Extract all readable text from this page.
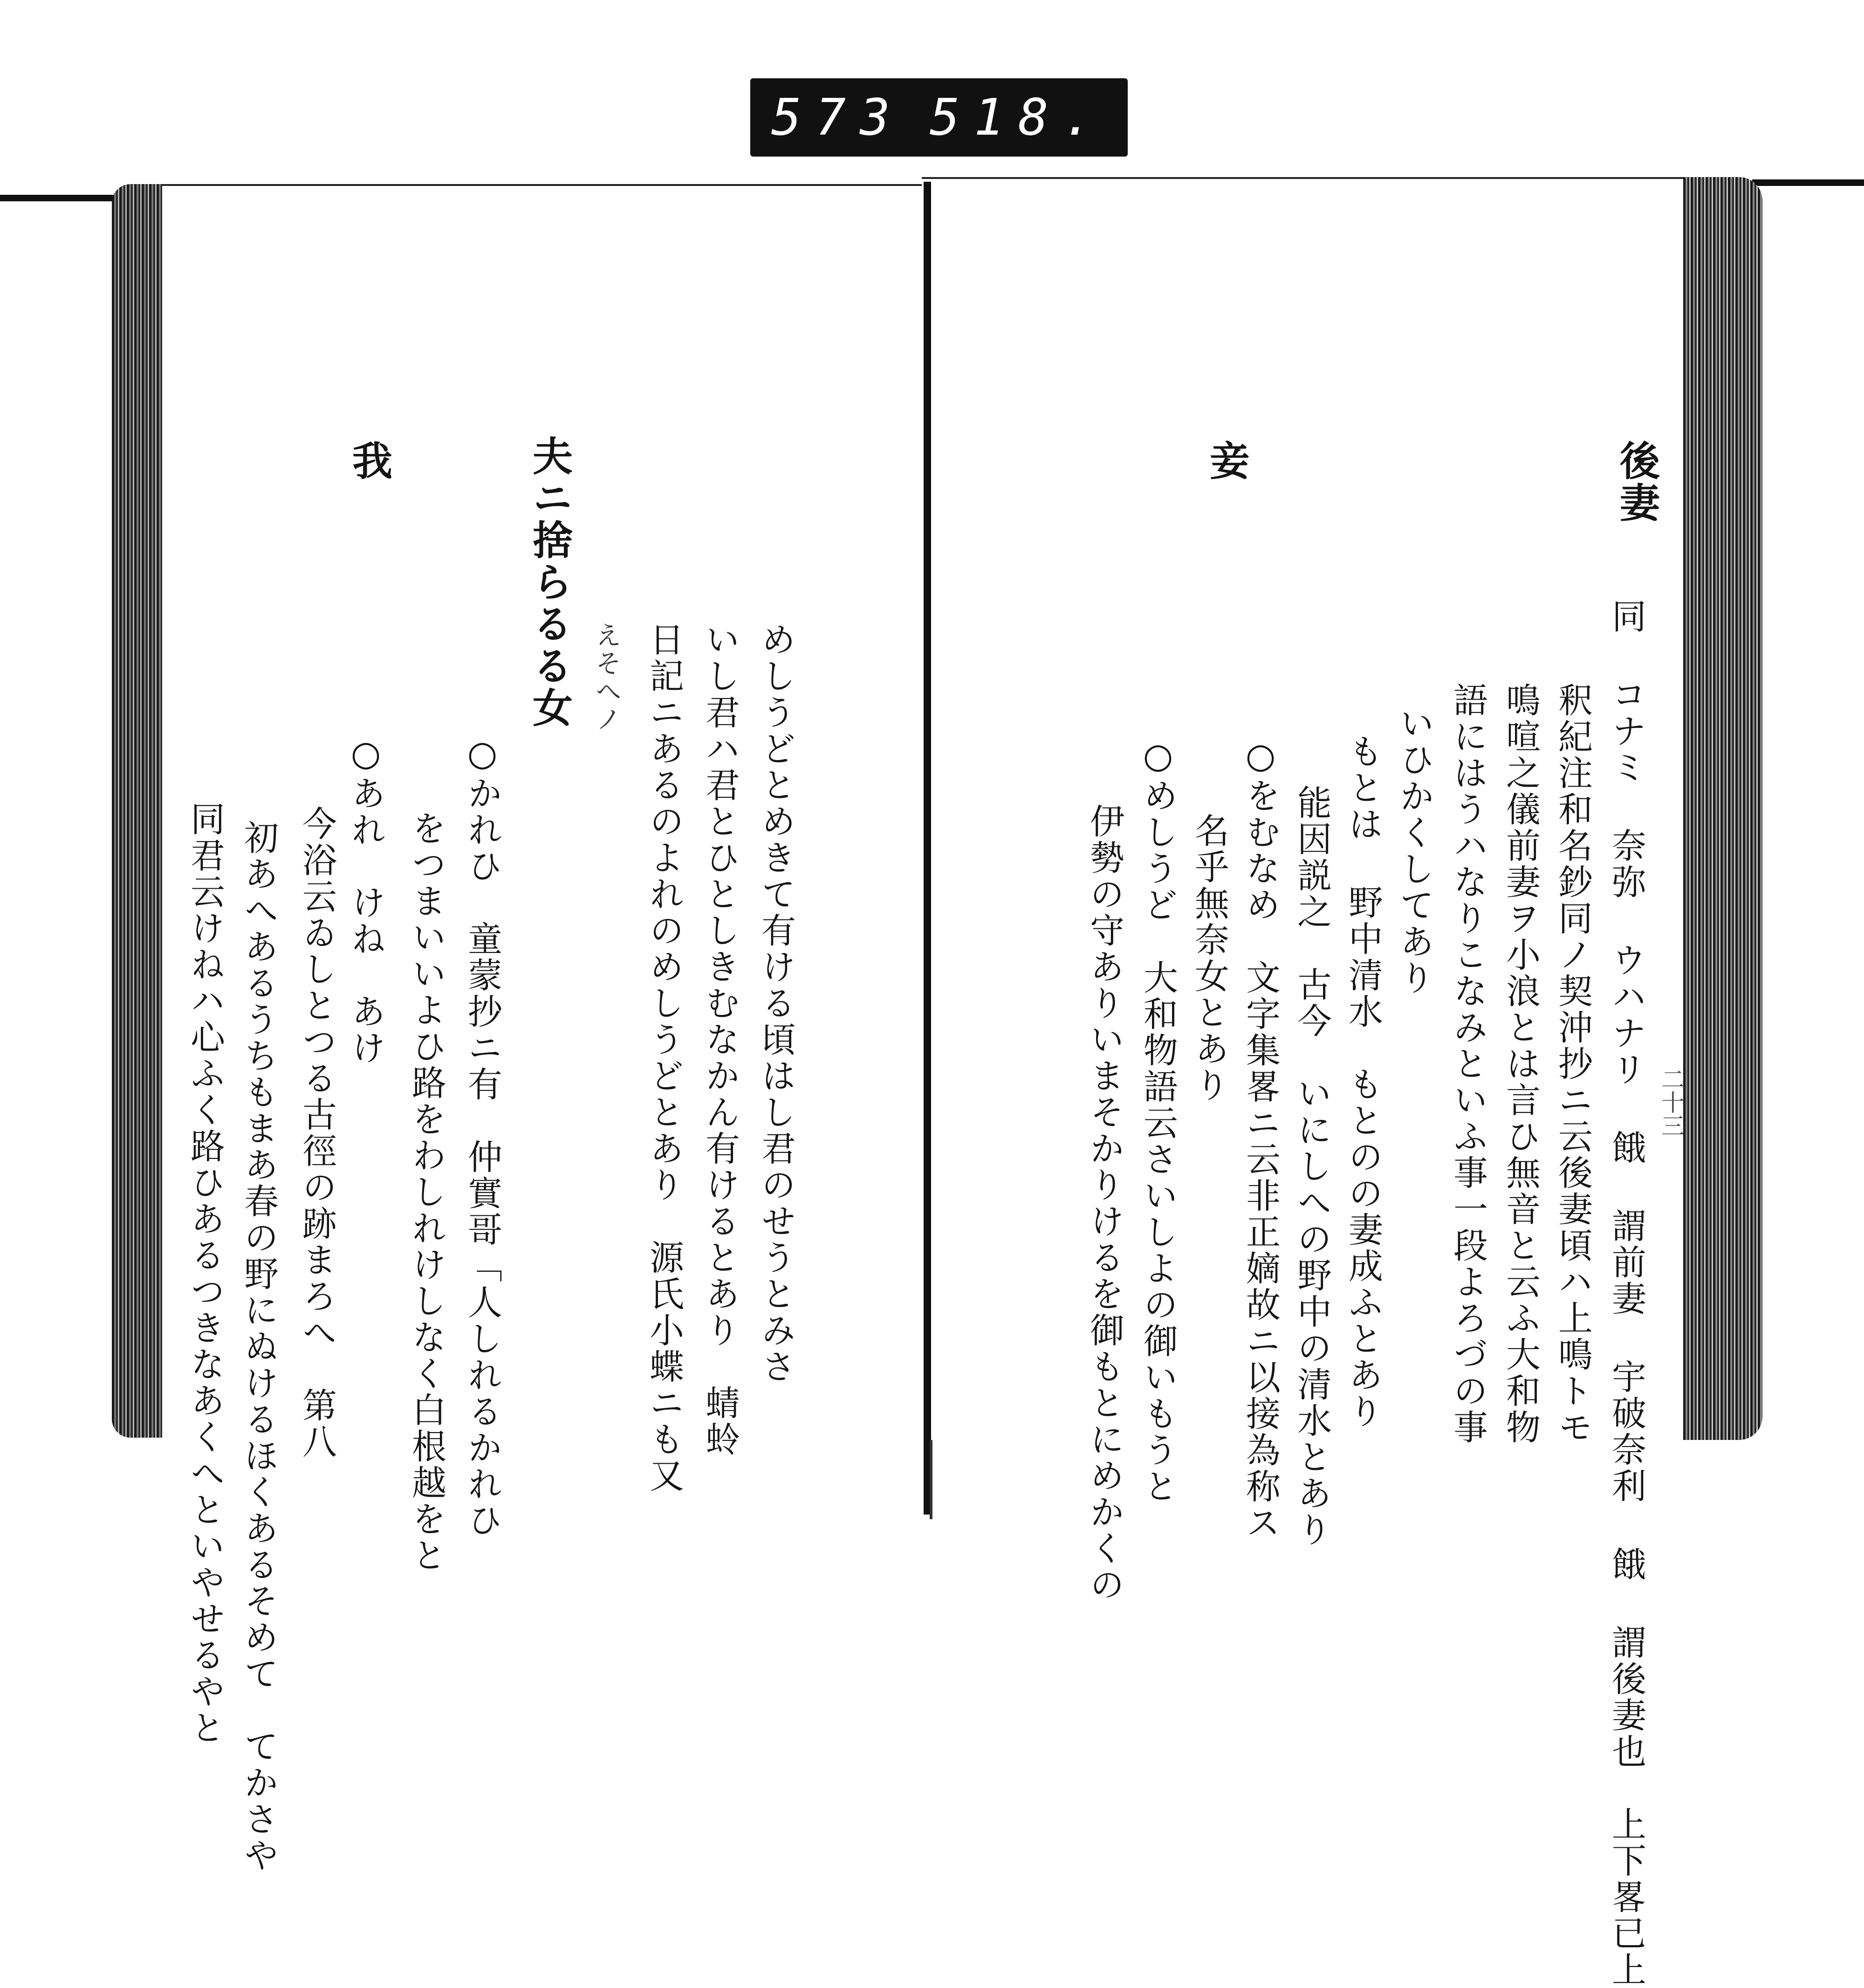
573 518.
夫ニ捨らるる女 えそへノ 日記ニあるのよれのめしうどとあり　源氏小蝶ニも又 いし君ハ君とひとしきむなかん有けるとあり　蜻蛉 めしうどとめきて有ける頃はし君のせうとみさ
○かれひ　童蒙抄ニ有　仲實哥「人しれるかれひ
をつまいいよひ路をわしれけしなく白根越をと
我
○あれ　けね　あけ
今浴云ゐしとつる古徑の跡まろへ　第八
初あへあるうちもまあ春の野にぬけるほくあるそめて　てかさや
同君云けねハ心ふく路ひあるつきなあくへといやせるやと
後妻
同 コナミ 奈弥 ウハナリ 餓 謂前妻 宇破奈利 餓 謂後妻也　上下畧已上
釈紀注和名鈔同ノ契沖抄ニ云後妻頃ハ上鳴トモ
鳴喧之儀前妻ヲ小浪とは言ひ無音と云ふ大和物
語にはうハなりこなみといふ事一段よろづの事
いひかくしてあり
もとは 野中清水　もとのの妻成ふとあり
能因説之　古今　いにしへの野中の清水とあり
○をむなめ　文字集畧ニ云非正嫡故ニ以接為称ス
名乎無奈女とあり
○めしうど　大和物語云さいしよの御いもうと
伊勢の守ありいまそかりけるを御もとにめかくの
妾
二十三
